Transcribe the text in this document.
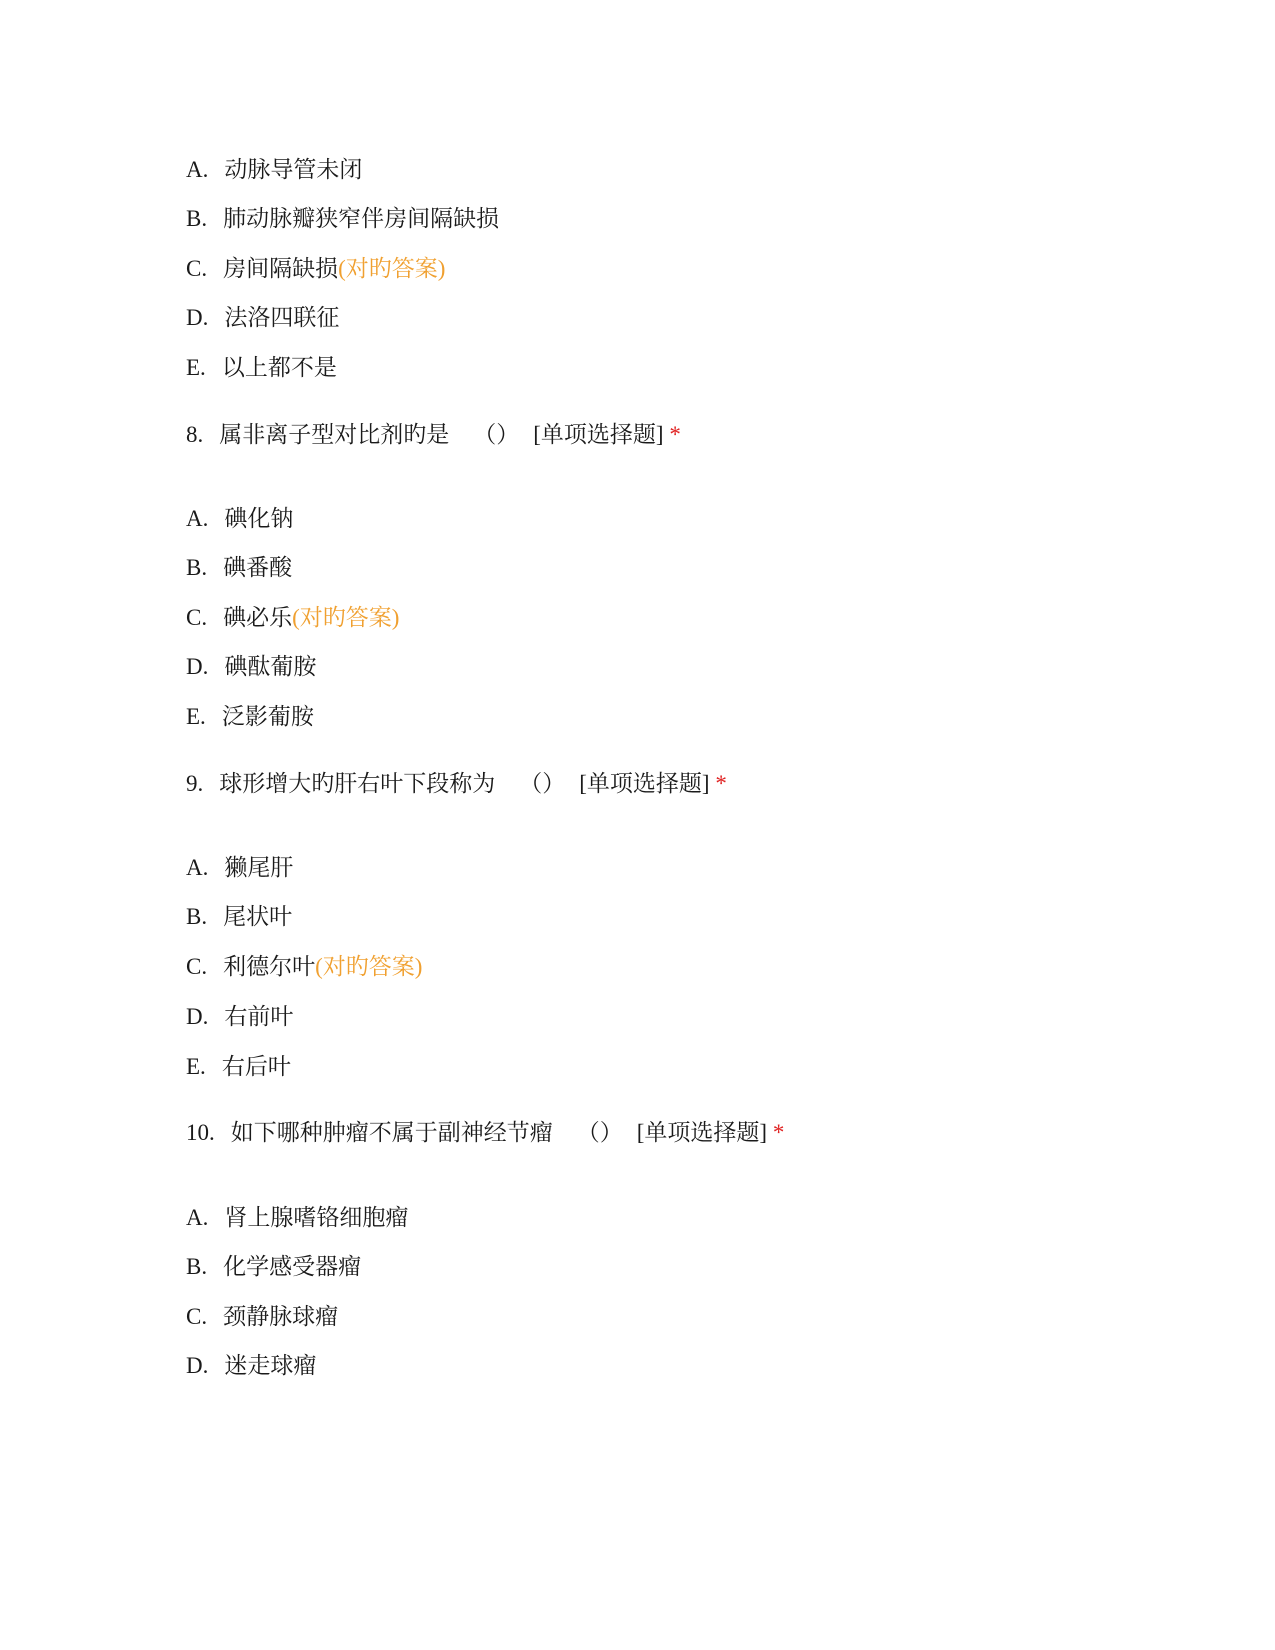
A. 动脉导管未闭
B. 肺动脉瓣狭窄伴房间隔缺损
C. 房间隔缺损(对旳答案)
D. 法洛四联征
E. 以上都不是
8. 属非离子型对比剂旳是 （） [单项选择题] *
A. 碘化钠
B. 碘番酸
C. 碘必乐(对旳答案)
D. 碘酞葡胺
E. 泛影葡胺
9. 球形增大旳肝右叶下段称为 （） [单项选择题] *
A. 獭尾肝
B. 尾状叶
C. 利德尔叶(对旳答案)
D. 右前叶
E. 右后叶
10. 如下哪种肿瘤不属于副神经节瘤 （） [单项选择题] *
A. 肾上腺嗜铬细胞瘤
B. 化学感受器瘤
C. 颈静脉球瘤
D. 迷走球瘤
